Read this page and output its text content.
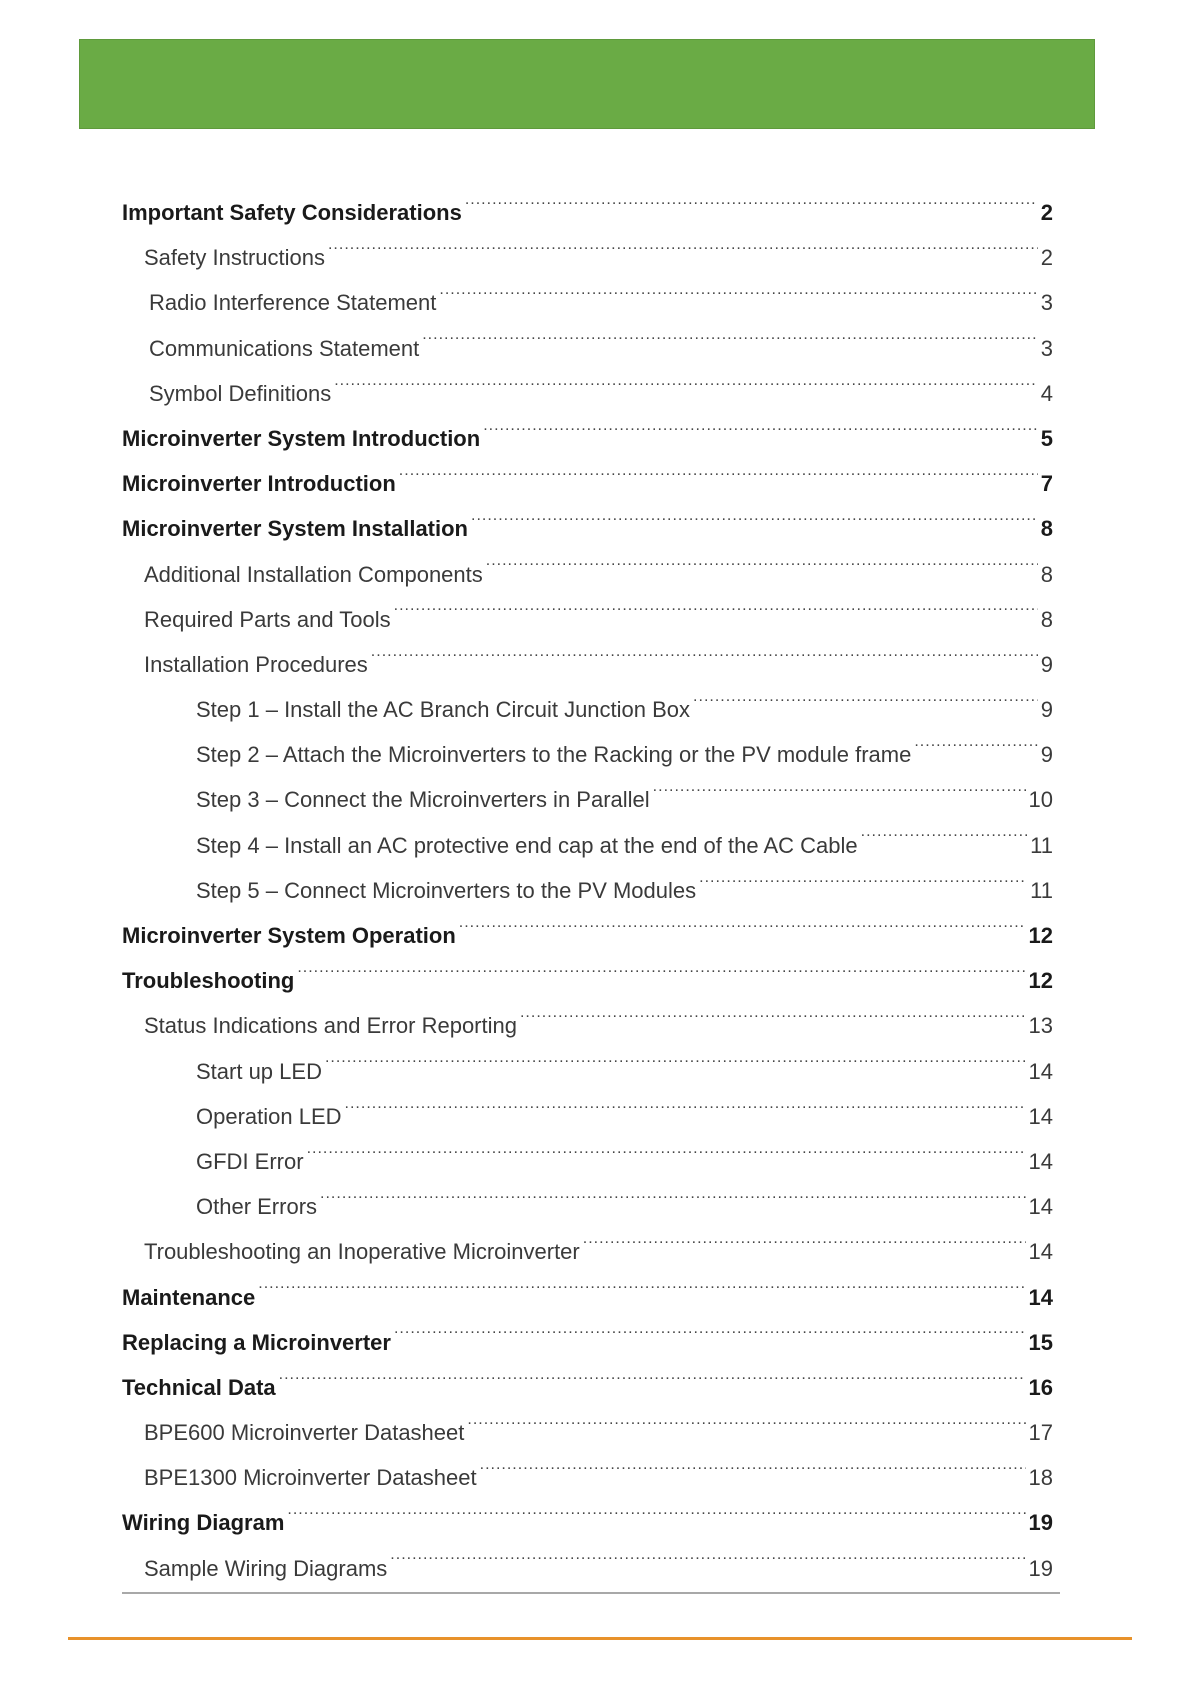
Important Safety Considerations .....	2
Safety Instructions .....	2
Radio Interference Statement .....	3
Communications Statement .....	3
Symbol Definitions .....	4
Microinverter System Introduction .....	5
Microinverter Introduction .....	7
Microinverter System Installation .....	8
Additional Installation Components .....	8
Required Parts and Tools .....	8
Installation Procedures .....	9
Step 1 – Install the AC Branch Circuit Junction Box .....	9
Step 2 – Attach the Microinverters to the Racking or the PV module frame .....	9
Step 3 – Connect the Microinverters in Parallel .....	10
Step 4 – Install an AC protective end cap at the end of the AC Cable .....	11
Step 5 – Connect Microinverters to the PV Modules .....	11
Microinverter System Operation .....	12
Troubleshooting .....	12
Status Indications and Error Reporting .....	13
Start up LED .....	14
Operation LED .....	14
GFDI Error .....	14
Other Errors .....	14
Troubleshooting an Inoperative Microinverter .....	14
Maintenance .....	14
Replacing a Microinverter .....	15
Technical Data .....	16
BPE600 Microinverter Datasheet .....	17
BPE1300 Microinverter Datasheet .....	18
Wiring Diagram .....	19
Sample Wiring Diagrams .....	19
